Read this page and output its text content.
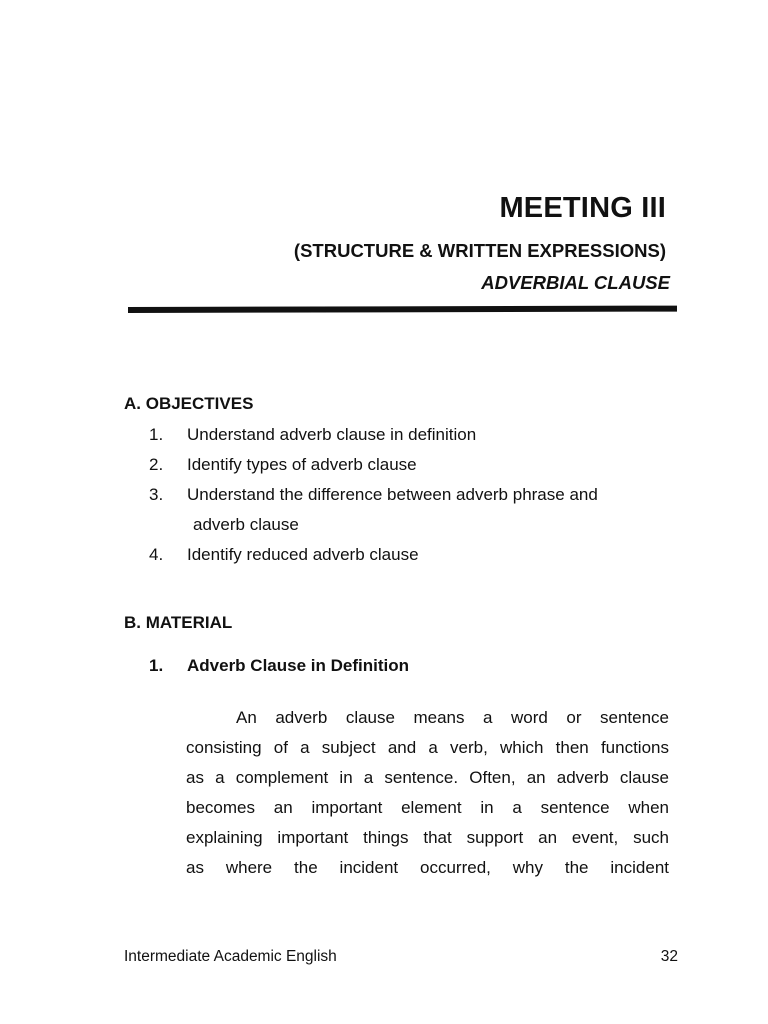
MEETING III
(STRUCTURE & WRITTEN EXPRESSIONS)
ADVERBIAL CLAUSE
A. OBJECTIVES
1. Understand adverb clause in definition
2. Identify types of adverb clause
3. Understand the difference between adverb phrase and
adverb clause
4. Identify reduced adverb clause
B. MATERIAL
1. Adverb Clause in Definition
An adverb clause means a word or sentence
consisting of a subject and a verb, which then functions
as a complement in a sentence. Often, an adverb clause
becomes an important element in a sentence when
explaining important things that support an event, such
as where the incident occurred, why the incident
Intermediate Academic English	32
